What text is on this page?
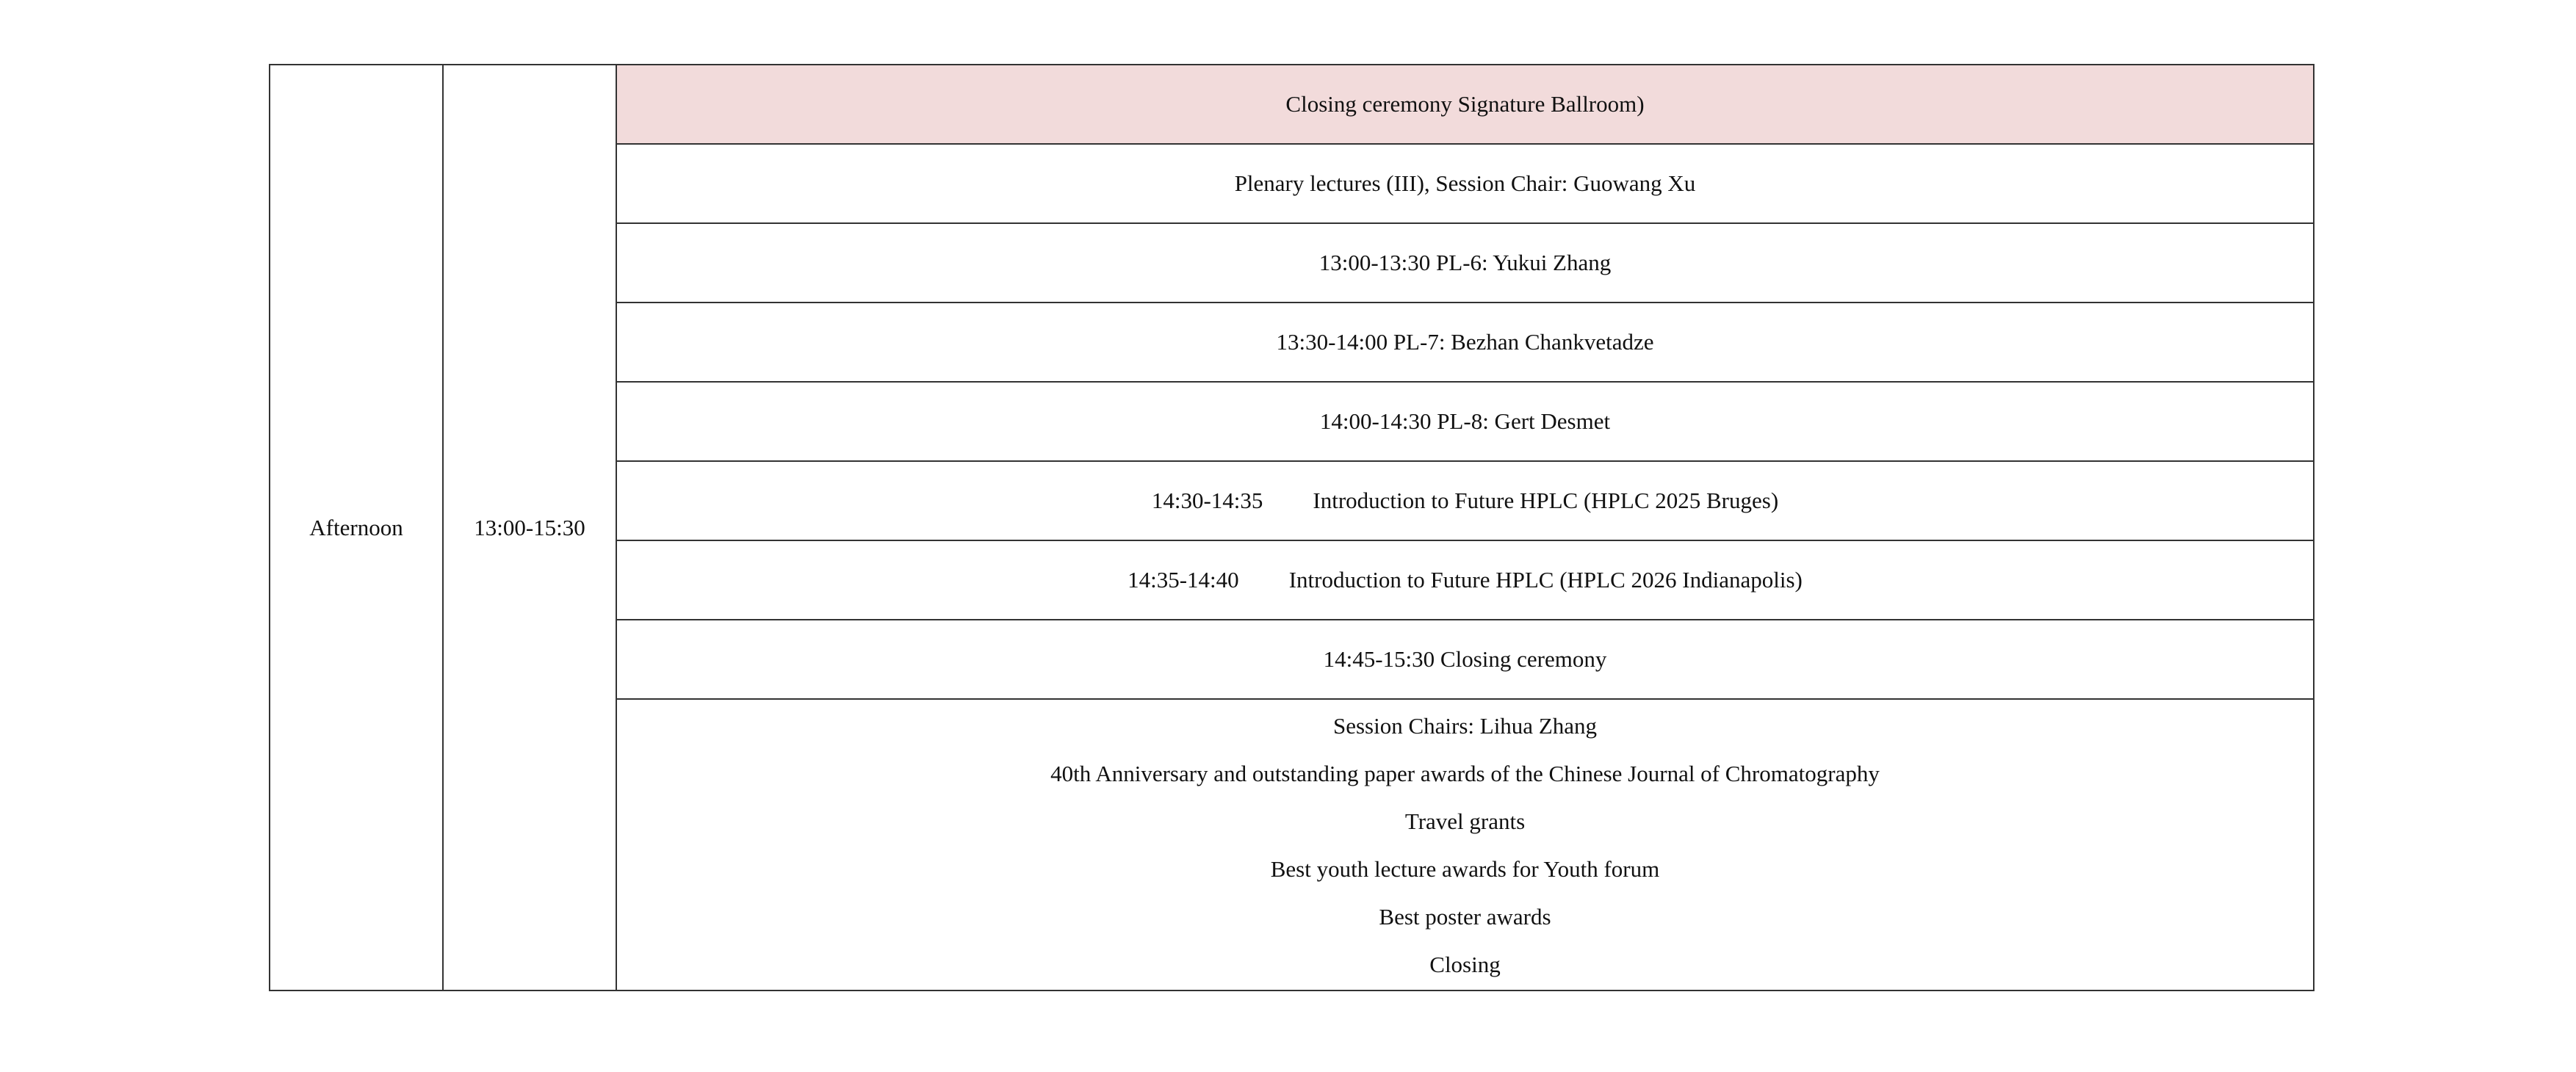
Afternoon	13:00-15:30	Closing ceremony Signature Ballroom)
Plenary lectures (III), Session Chair: Guowang Xu
13:00-13:30 PL-6: Yukui Zhang
13:30-14:00 PL-7: Bezhan Chankvetadze
14:00-14:30 PL-8: Gert Desmet
14:30-14:35 Introduction to Future HPLC (HPLC 2025 Bruges)
14:35-14:40 Introduction to Future HPLC (HPLC 2026 Indianapolis)
14:45-15:30 Closing ceremony

Session Chairs: Lihua Zhang
40th Anniversary and outstanding paper awards of the Chinese Journal of Chromatography
Travel grants
Best youth lecture awards for Youth forum
Best poster awards
Closing
